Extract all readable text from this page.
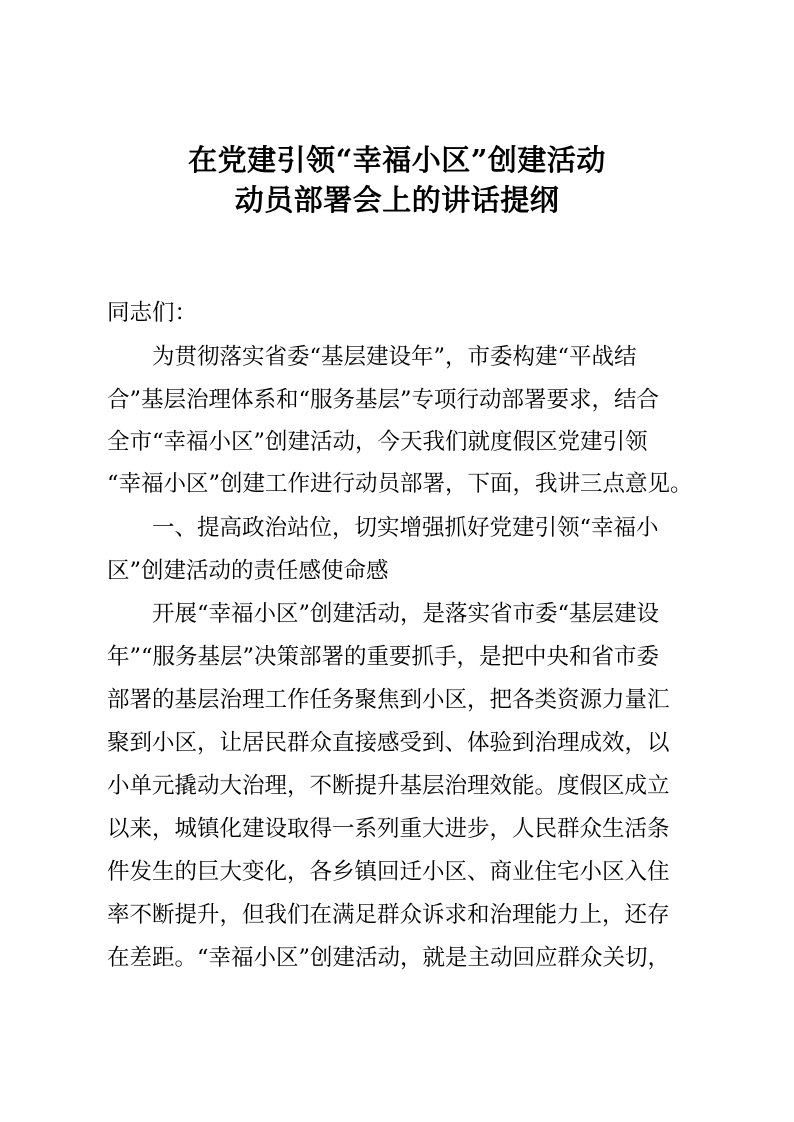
在党建引领“幸福小区”创建活动
动员部署会上的讲话提纲
同志们：
为贯彻落实省委“基层建设年”，市委构建“平战结
合”基层治理体系和“服务基层”专项行动部署要求，结合
全市“幸福小区”创建活动，今天我们就度假区党建引领
“幸福小区”创建工作进行动员部署，下面，我讲三点意见。
一、提高政治站位，切实增强抓好党建引领“幸福小
区”创建活动的责任感使命感
开展“幸福小区”创建活动，是落实省市委“基层建设
年”“服务基层”决策部署的重要抓手，是把中央和省市委
部署的基层治理工作任务聚焦到小区，把各类资源力量汇
聚到小区，让居民群众直接感受到、体验到治理成效，以
小单元撬动大治理，不断提升基层治理效能。度假区成立
以来，城镇化建设取得一系列重大进步，人民群众生活条
件发生的巨大变化，各乡镇回迁小区、商业住宅小区入住
率不断提升，但我们在满足群众诉求和治理能力上，还存
在差距。“幸福小区”创建活动，就是主动回应群众关切，
